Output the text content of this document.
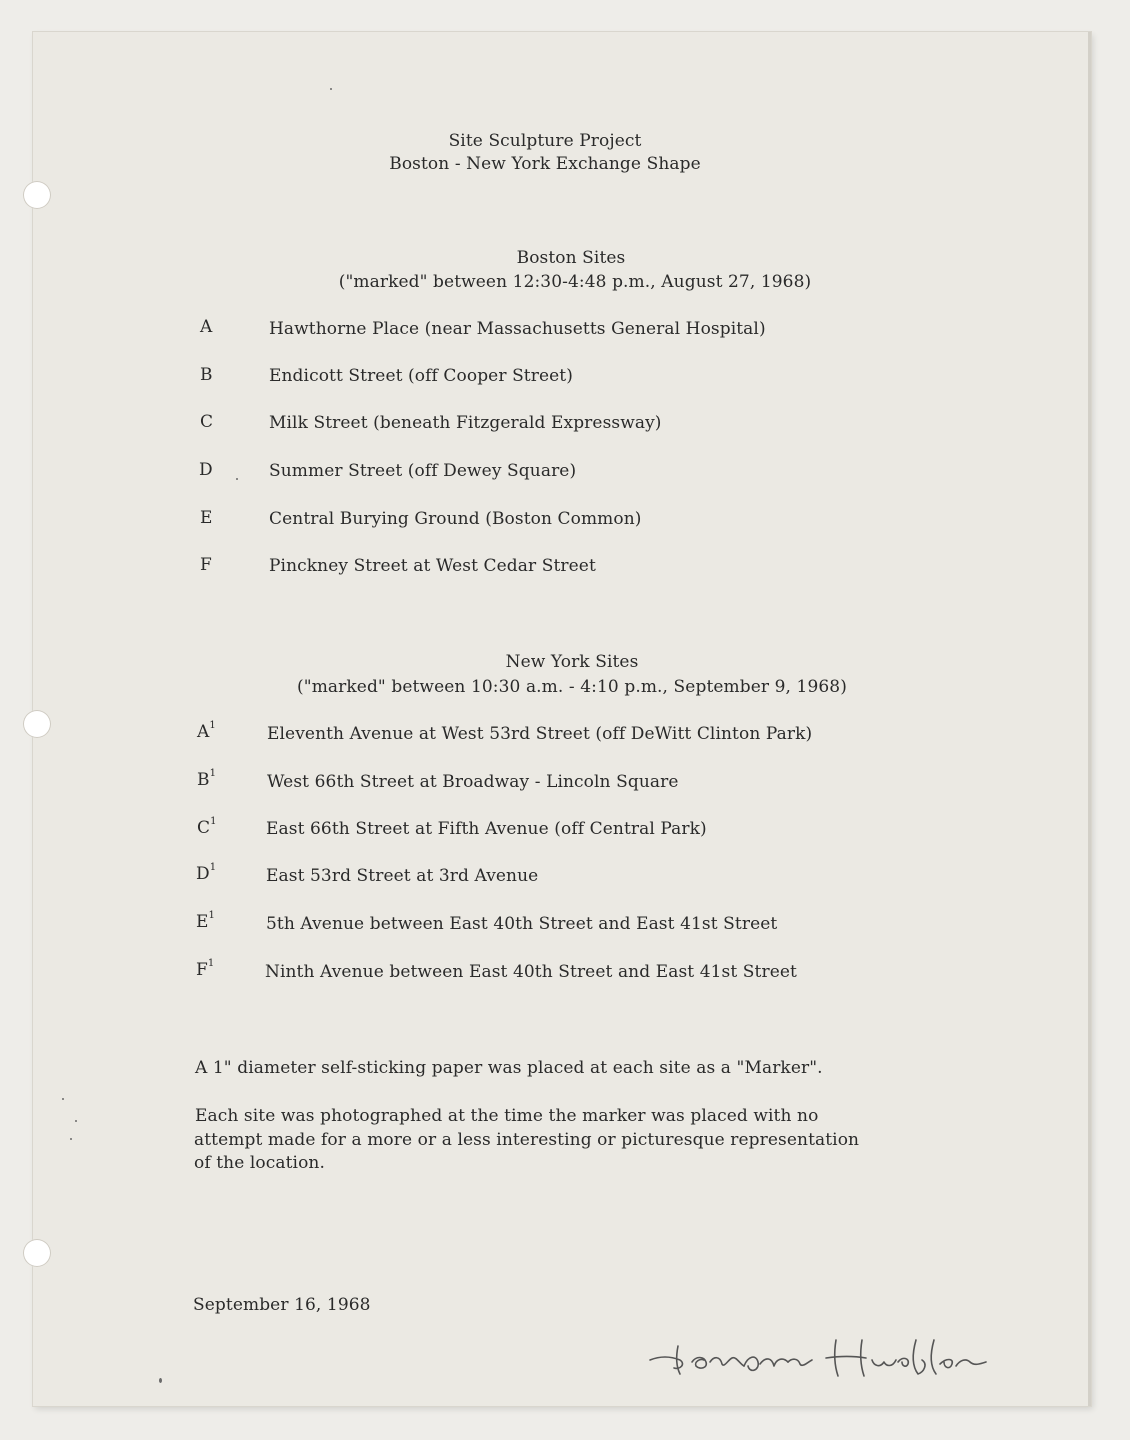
Site Sculpture Project
Boston - New York Exchange Shape
Boston Sites
("marked" between 12:30-4:48 p.m., August 27, 1968)
A	Hawthorne Place (near Massachusetts General Hospital)
B	Endicott Street (off Cooper Street)
C	Milk Street (beneath Fitzgerald Expressway)
D	Summer Street (off Dewey Square)
E	Central Burying Ground (Boston Common)
F	Pinckney Street at West Cedar Street
New York Sites
("marked" between 10:30 a.m. - 4:10 p.m., September 9, 1968)
$A^1$	Eleventh Avenue at West 53rd Street (off DeWitt Clinton Park)
$B^1$	West 66th Street at Broadway - Lincoln Square
$C^1$	East 66th Street at Fifth Avenue (off Central Park)
$D^1$	East 53rd Street at 3rd Avenue
$E^1$	5th Avenue between East 40th Street and East 41st Street
$F^1$	Ninth Avenue between East 40th Street and East 41st Street
A 1" diameter self-sticking paper was placed at each site as a "Marker".
Each site was photographed at the time the marker was placed with no
attempt made for a more or a less interesting or picturesque representation
of the location.
September 16, 1968
Douglas Huebler
